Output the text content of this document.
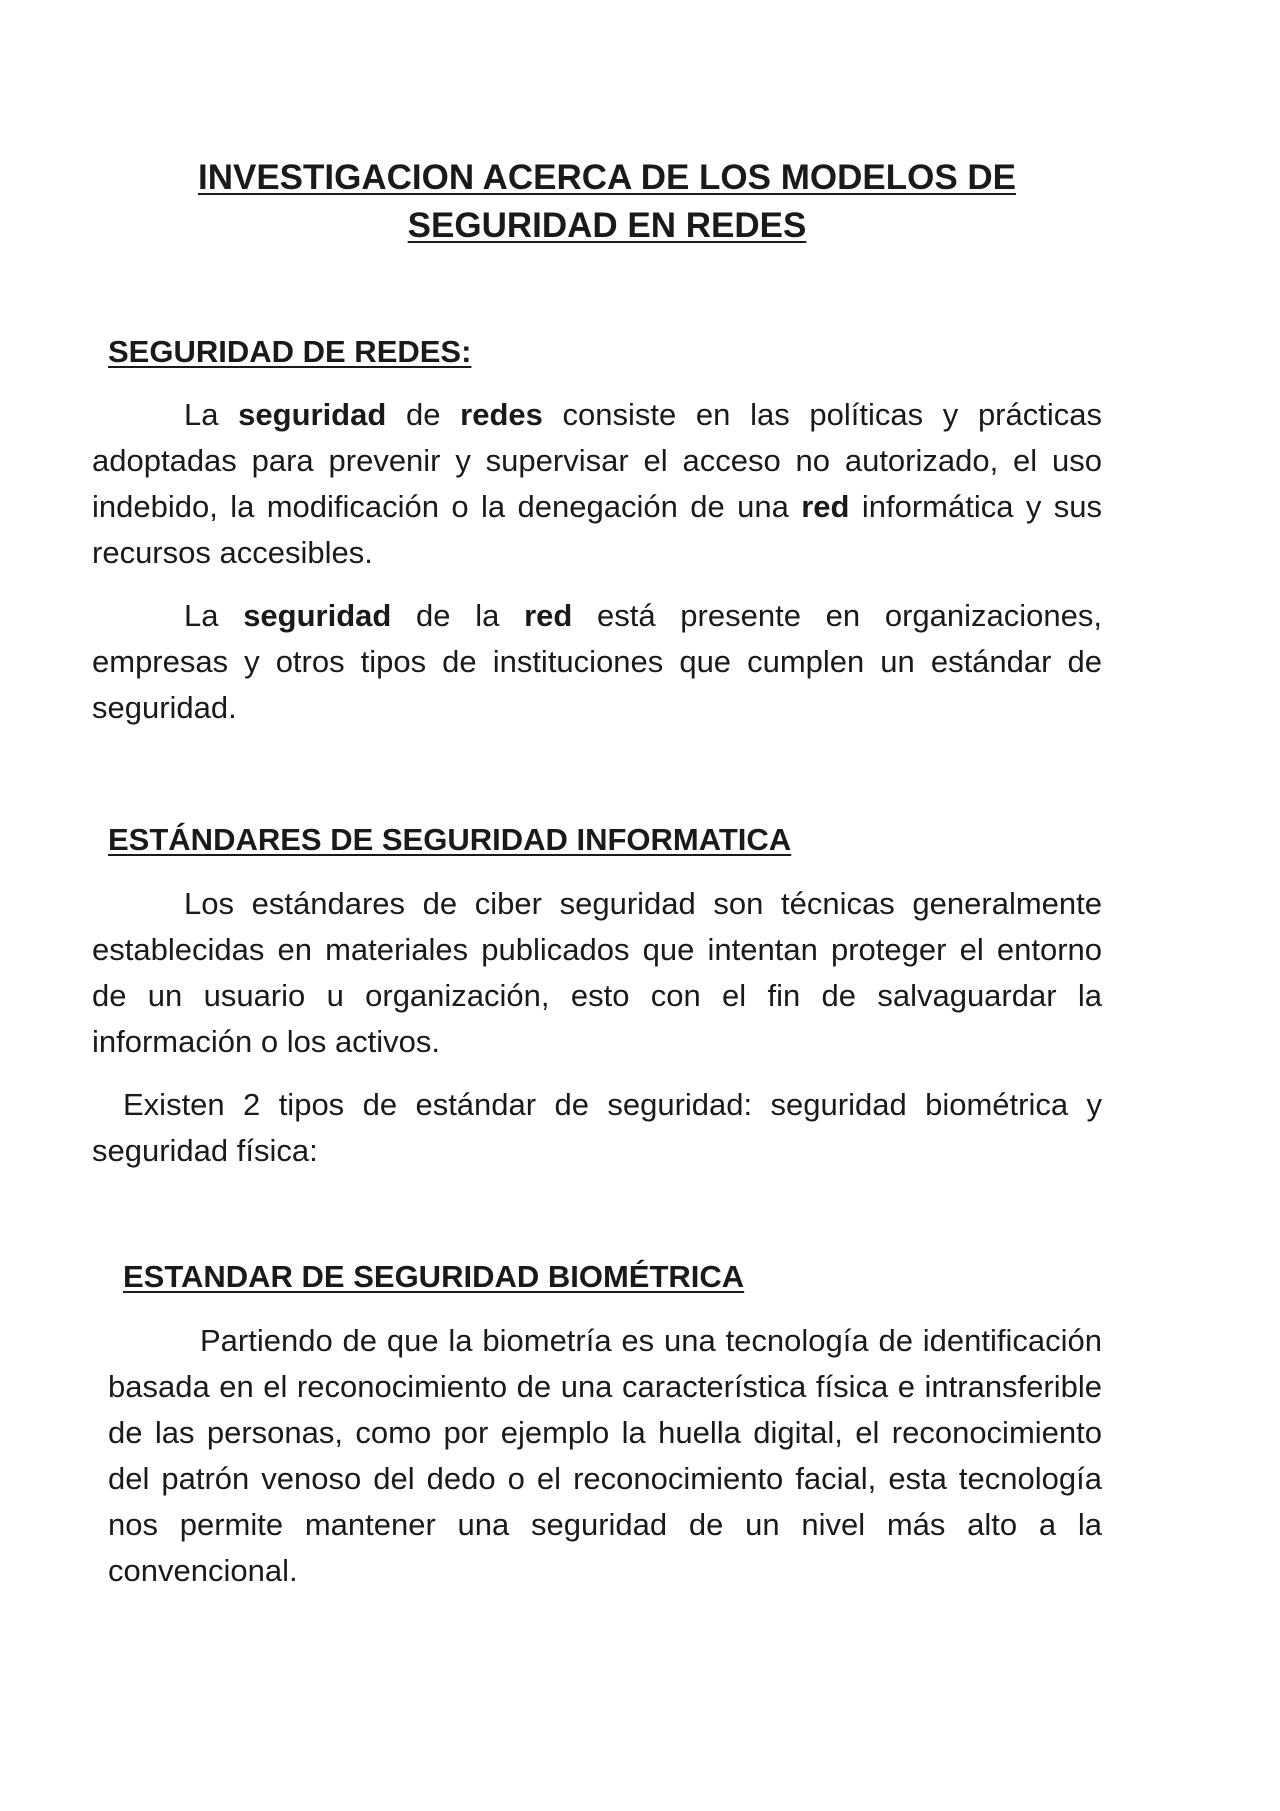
INVESTIGACION ACERCA DE LOS MODELOS DE SEGURIDAD EN REDES
SEGURIDAD DE REDES:

La seguridad de redes consiste en las políticas y prácticas adoptadas para prevenir y supervisar el acceso no autorizado, el uso indebido, la modificación o la denegación de una red informática y sus recursos accesibles.

La seguridad de la red está presente en organizaciones, empresas y otros tipos de instituciones que cumplen un estándar de seguridad.

ESTÁNDARES DE SEGURIDAD INFORMATICA

Los estándares de ciber seguridad son técnicas generalmente establecidas en materiales publicados que intentan proteger el entorno de un usuario u organización, esto con el fin de salvaguardar la información o los activos.

Existen 2 tipos de estándar de seguridad: seguridad biométrica y seguridad física:

ESTANDAR DE SEGURIDAD BIOMÉTRICA

Partiendo de que la biometría es una tecnología de identificación basada en el reconocimiento de una característica física e intransferible de las personas, como por ejemplo la huella digital, el reconocimiento del patrón venoso del dedo o el reconocimiento facial, esta tecnología nos permite mantener una seguridad de un nivel más alto a la convencional.
